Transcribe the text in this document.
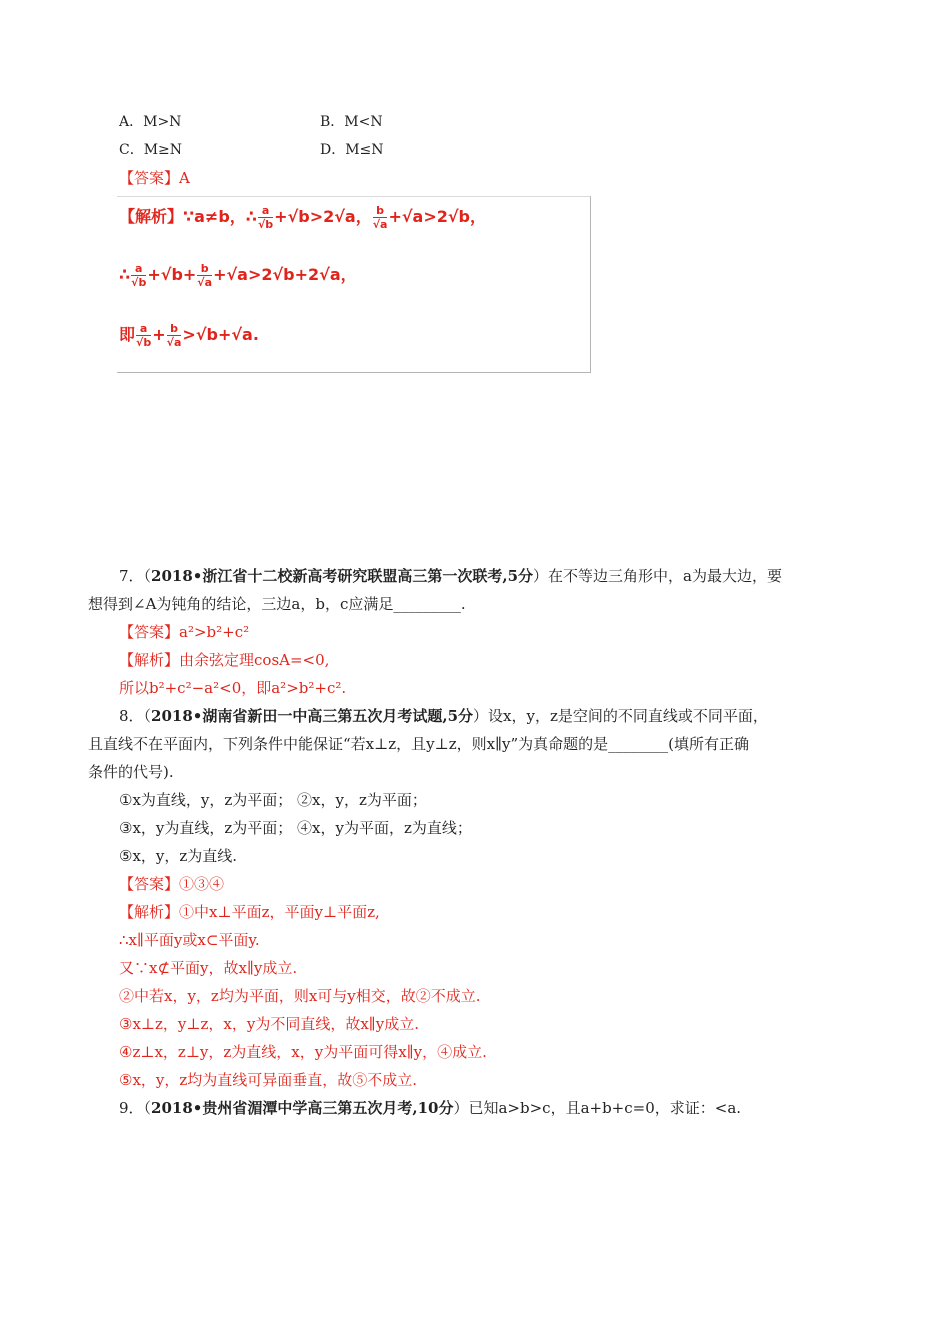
A．M>N	B．M<N
C．M≥N	D．M≤N
【答案】A
【解析】∵a≠b，∴ $\frac{a}{√b} +√b>2√a$， $\frac{b}{√a} +√a>2√b$，
∴ $\frac{a}{√b} +√b+ \frac{b}{√a} +√a>2√b+2√a$，
即 $\frac{a}{√b} + \frac{b}{√a} >√b+√a$.
7．（2018•浙江省十二校新高考研究联盟高三第一次联考,5分）在不等边三角形中，a为最大边，要
想得到∠A为钝角的结论，三边a，b，c应满足_________.
【答案】a²>b²+c²
【解析】由余弦定理cosA=<0,
所以b²+c²−a²<0，即a²>b²+c².
8．（2018•湖南省新田一中高三第五次月考试题,5分）设x，y，z是空间的不同直线或不同平面，
且直线不在平面内，下列条件中能保证“若x⊥z，且y⊥z，则x∥y”为真命题的是________(填所有正确
条件的代号).
①x为直线，y，z为平面； ②x，y，z为平面；
③x，y为直线，z为平面； ④x，y为平面，z为直线；
⑤x，y，z为直线.
【答案】①③④
【解析】①中x⊥平面z，平面y⊥平面z,
∴x∥平面y或x⊂平面y.
又∵x⊄平面y，故x∥y成立.
②中若x，y，z均为平面，则x可与y相交，故②不成立.
③x⊥z，y⊥z，x，y为不同直线，故x∥y成立.
④z⊥x，z⊥y，z为直线，x，y为平面可得x∥y，④成立.
⑤x，y，z均为直线可异面垂直，故⑤不成立.
9．（2018•贵州省湄潭中学高三第五次月考,10分）已知a>b>c，且a+b+c=0，求证：<a.
